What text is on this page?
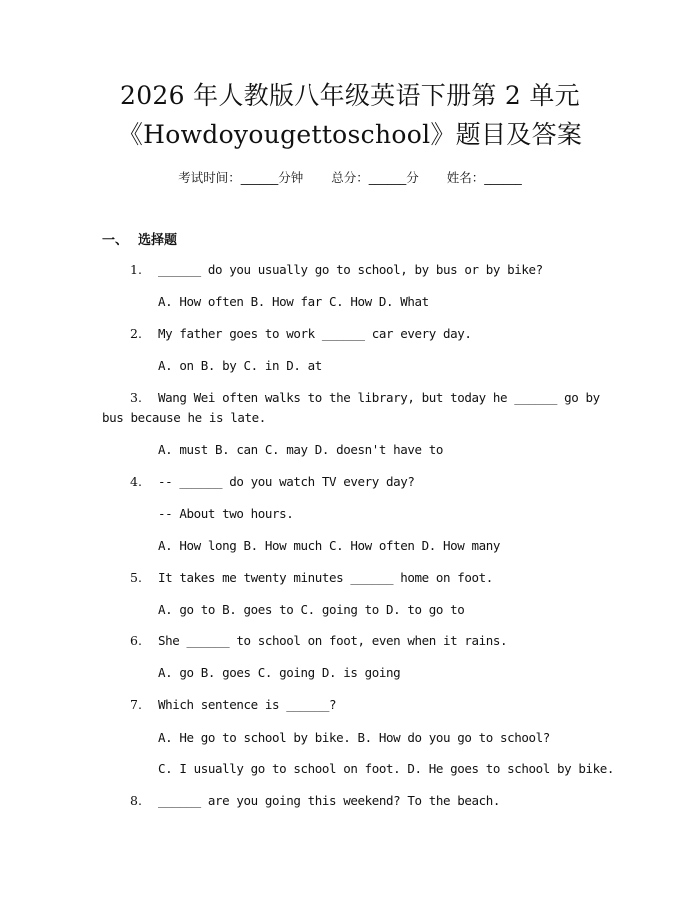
2026 年人教版八年级英语下册第 2 单元
《Howdoyougettoschool》题目及答案
考试时间：______分钟 总分：______分 姓名：______
一、 选择题
1. ______ do you usually go to school, by bus or by bike?
A. How often B. How far C. How D. What
2. My father goes to work ______ car every day.
A. on B. by C. in D. at
3. Wang Wei often walks to the library, but today he ______ go by
bus because he is late.
A. must B. can C. may D. doesn't have to
4. -- ______ do you watch TV every day?
-- About two hours.
A. How long B. How much C. How often D. How many
5. It takes me twenty minutes ______ home on foot.
A. go to B. goes to C. going to D. to go to
6. She ______ to school on foot, even when it rains.
A. go B. goes C. going D. is going
7. Which sentence is ______?
A. He go to school by bike. B. How do you go to school?
C. I usually go to school on foot. D. He goes to school by bike.
8. ______ are you going this weekend? To the beach.
